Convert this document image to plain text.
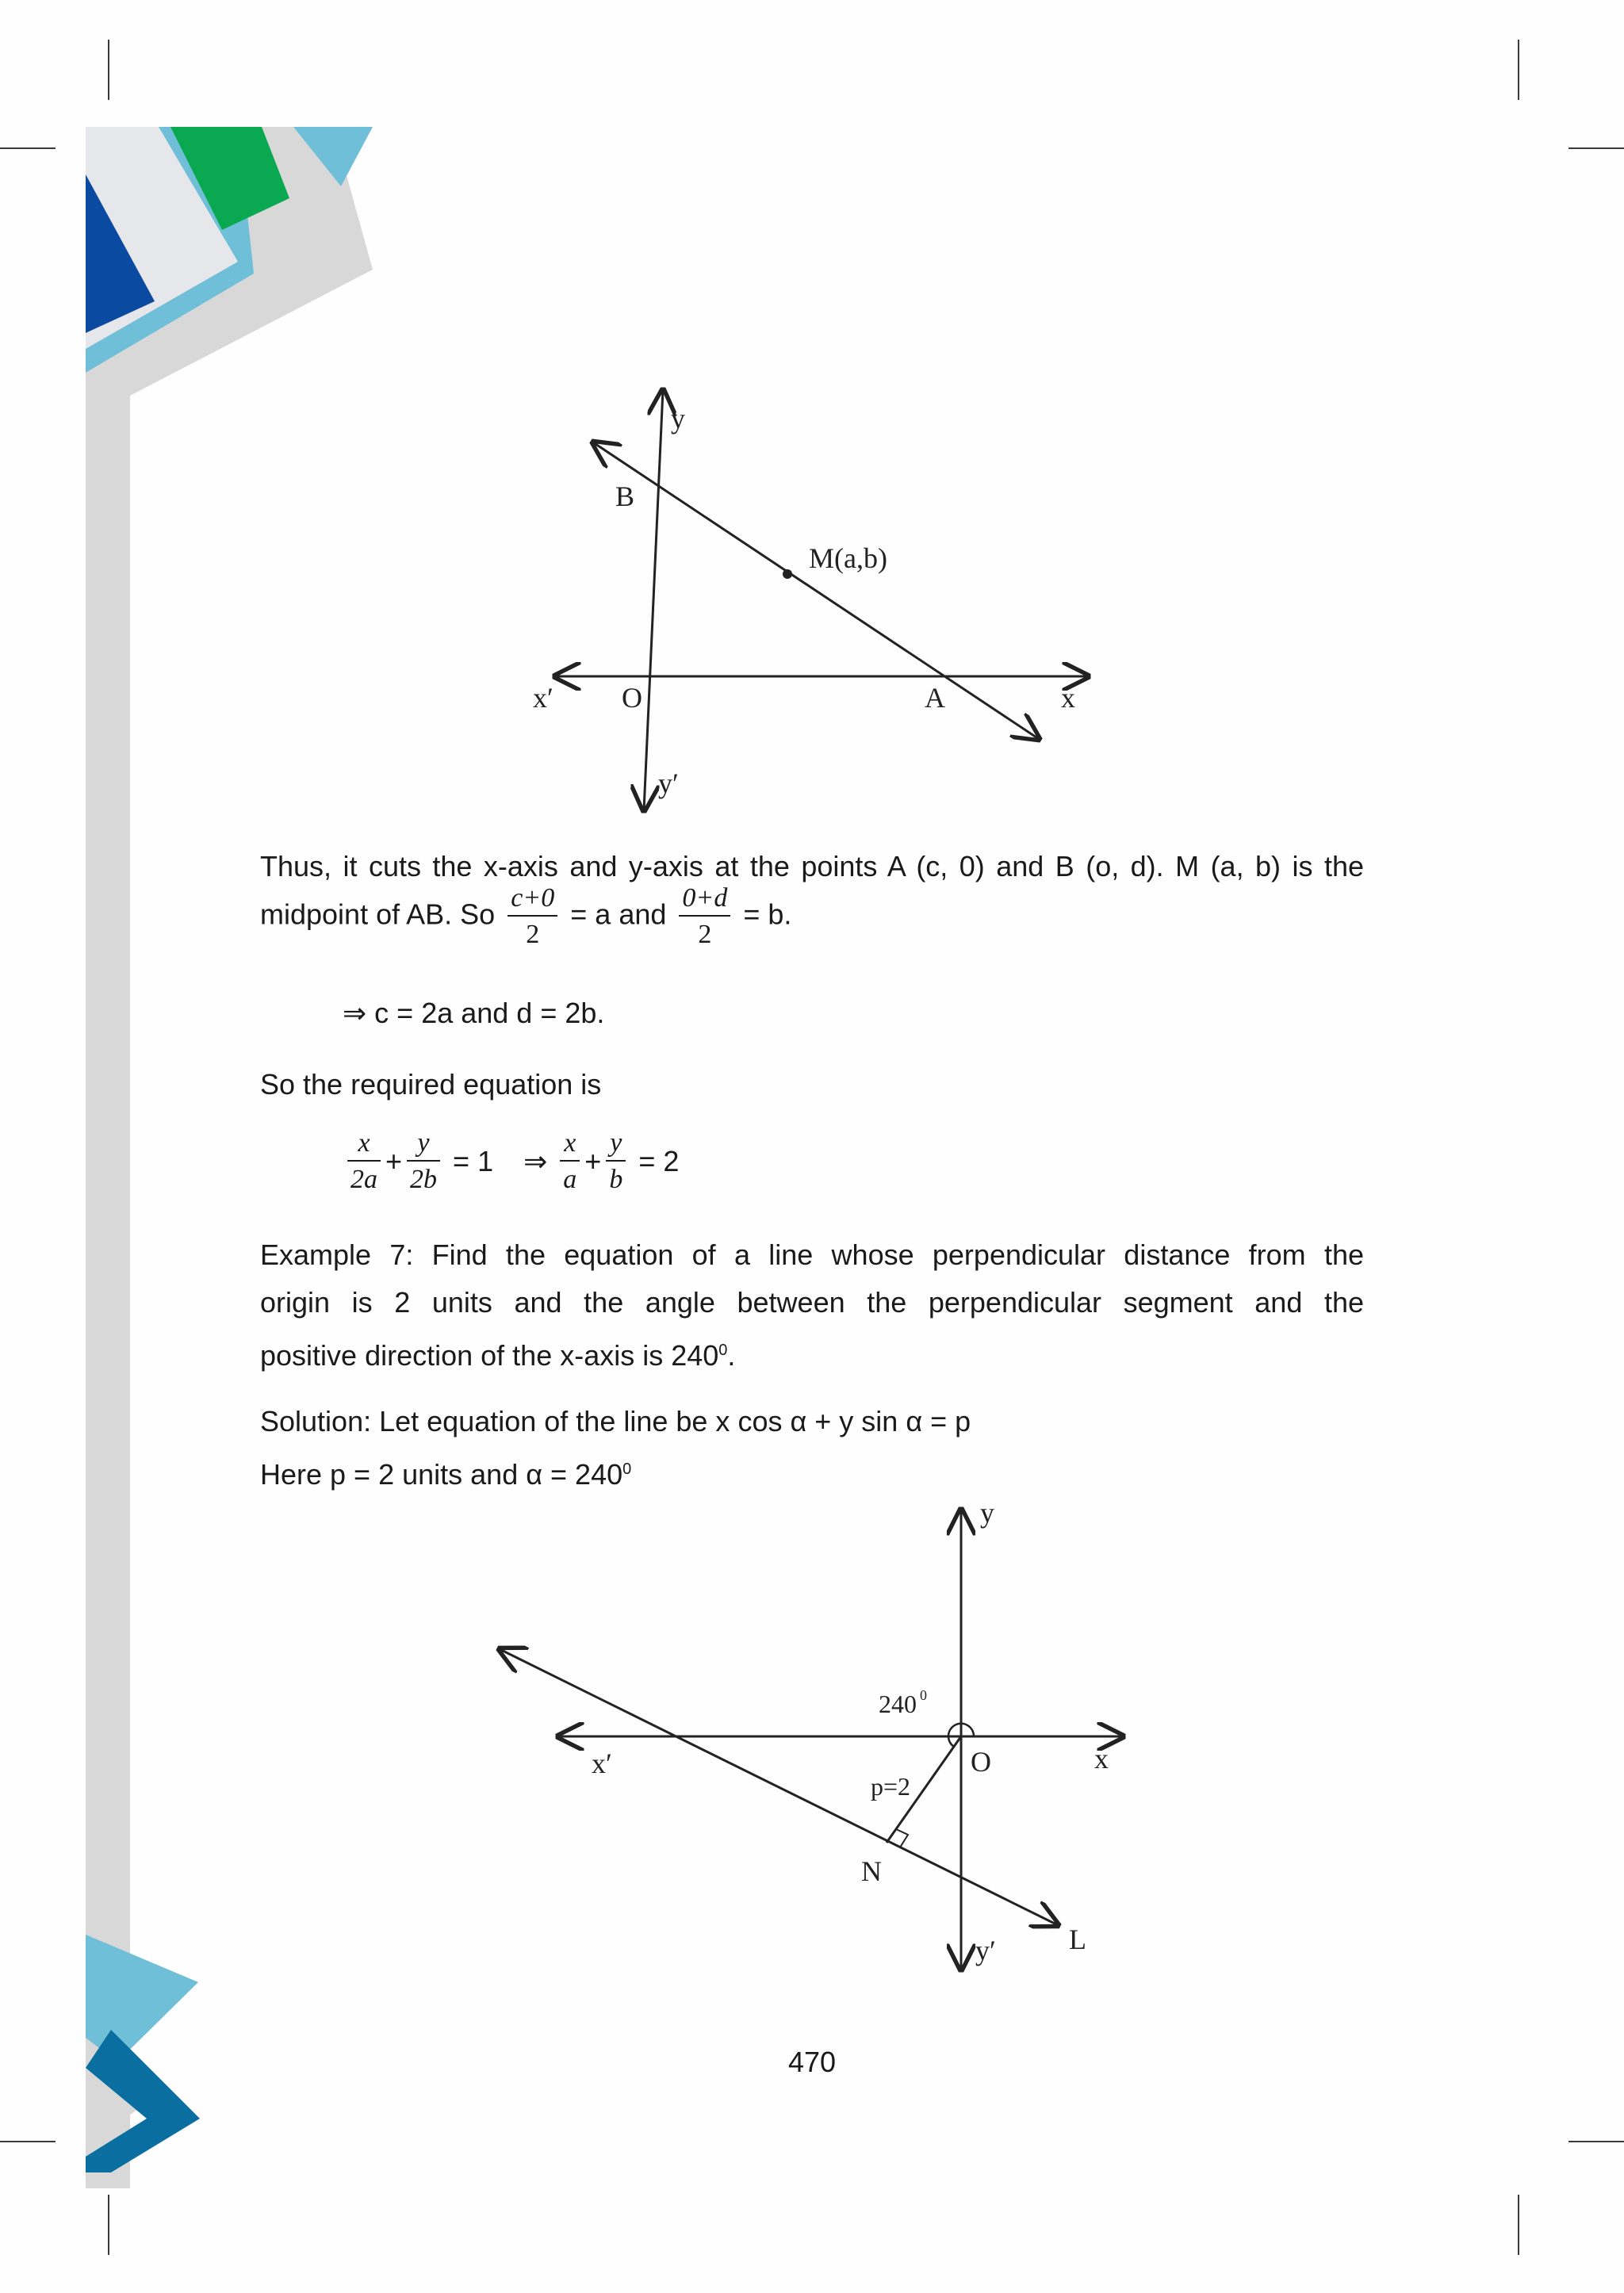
y
B
M(a,b)
x′ O	A	x
y′
Thus, it cuts the x-axis and y-axis at the points A (c, 0) and B (o, d). M (a, b) is the
midpoint of AB. So $\frac{c+0}{2} = a$ and $\frac{0+d}{2} = b$.
⇒ c = 2a and d = 2b.
So the required equation is
$\frac{x}{2a} + \frac{y}{2b} = 1$ ⇒ $\frac{x}{a} + \frac{y}{b} = 2$
Example 7: Find the equation of a line whose perpendicular distance from the
origin is 2 units and the angle between the perpendicular segment and the
positive direction of the x-axis is $240^0$.
Solution: Let equation of the line be x cos α + y sin α = p
Here p = 2 units and $\alpha = 240^0$
y
240 0
x′	O	x
p=2
N
y′	L
470
